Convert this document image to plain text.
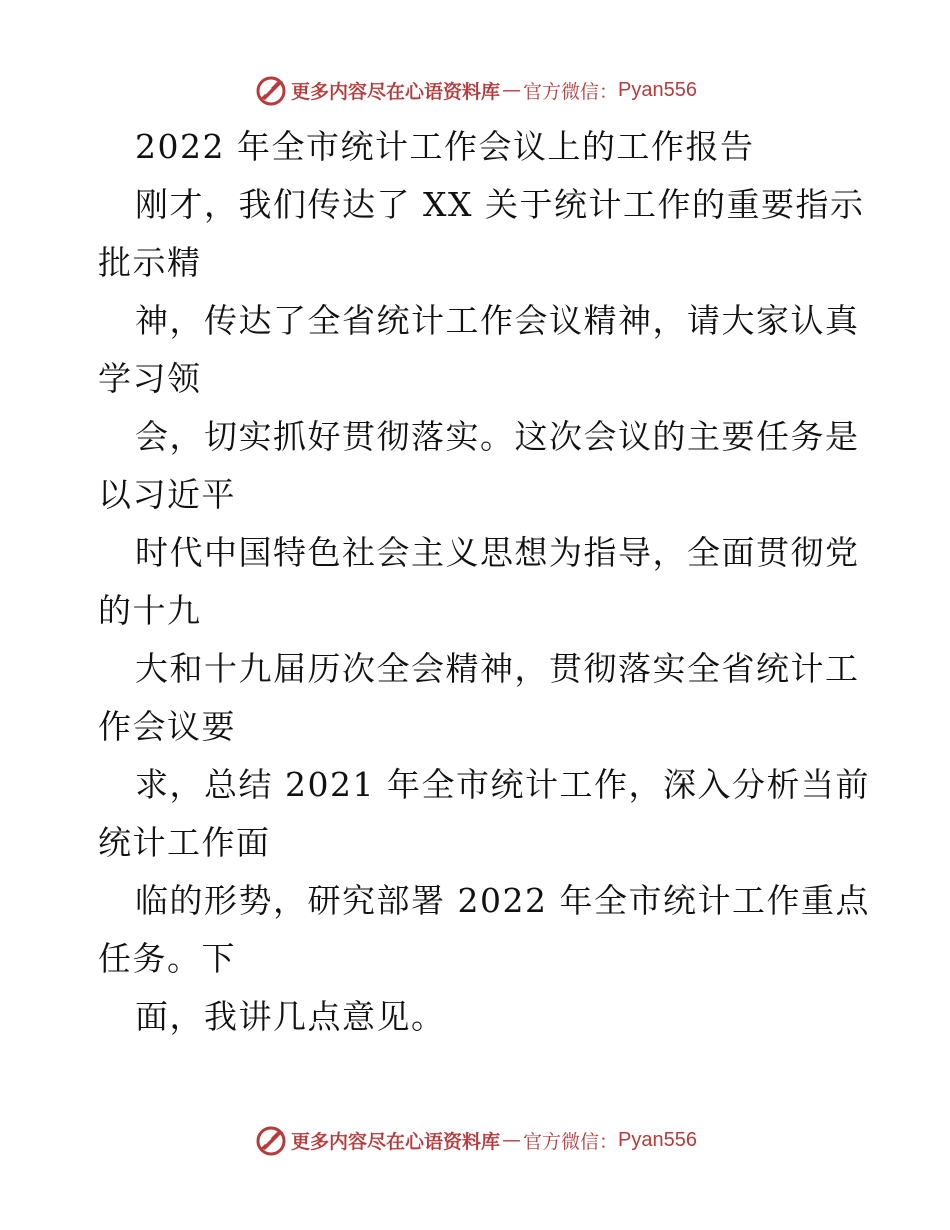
更多内容尽在心语资料库 — 官方微信： Pyan556
2022 年全市统计工作会议上的工作报告
刚才，我们传达了 XX 关于统计工作的重要指示
批示精
神，传达了全省统计工作会议精神，请大家认真
学习领
会，切实抓好贯彻落实。这次会议的主要任务是
以习近平
时代中国特色社会主义思想为指导，全面贯彻党
的十九
大和十九届历次全会精神，贯彻落实全省统计工
作会议要
求，总结 2021 年全市统计工作，深入分析当前
统计工作面
临的形势，研究部署 2022 年全市统计工作重点
任务。下
面，我讲几点意见。
更多内容尽在心语资料库 — 官方微信： Pyan556
